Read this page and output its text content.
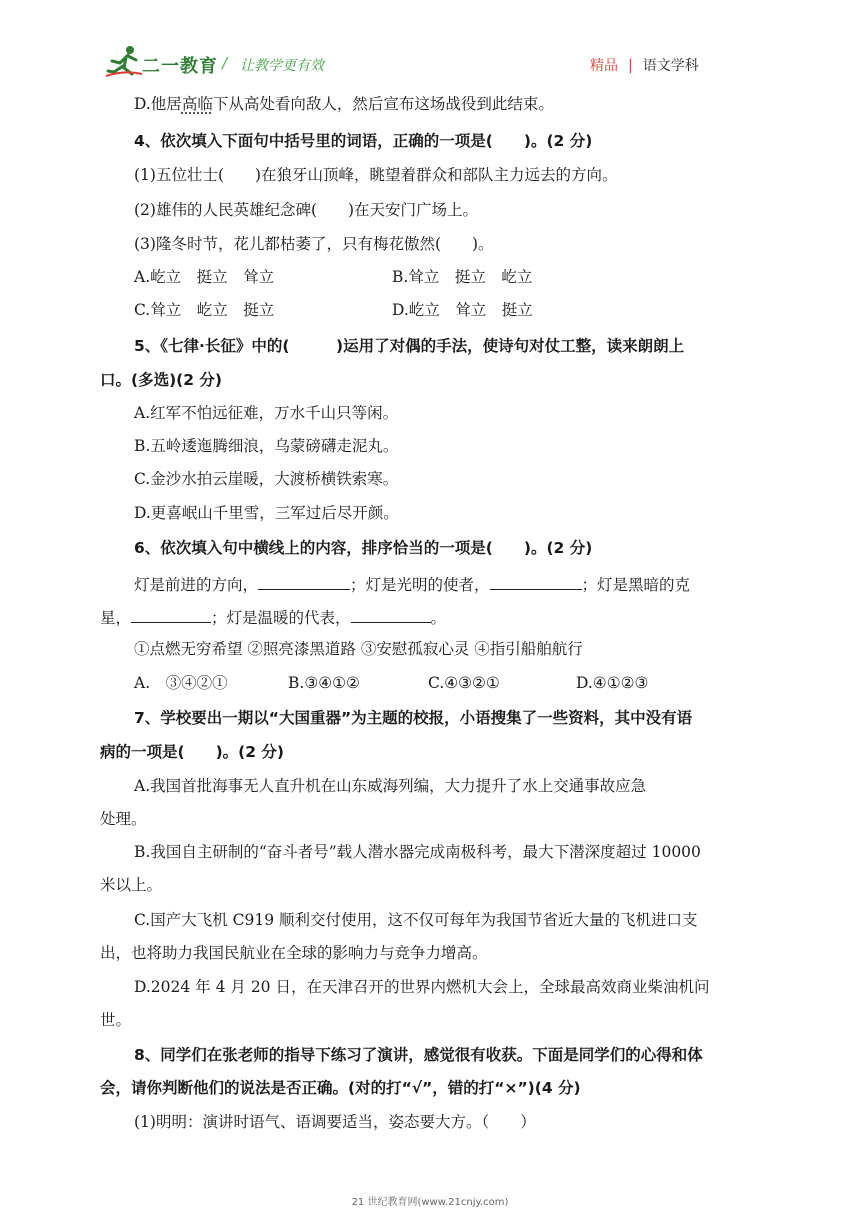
二一教育 / 让教学更有效	精品 | 语文学科
D.他居高临下从高处看向敌人，然后宣布这场战役到此结束。
4、依次填入下面句中括号里的词语，正确的一项是(　　)。(2 分)
(1)五位壮士(　　)在狼牙山顶峰，眺望着群众和部队主力远去的方向。
(2)雄伟的人民英雄纪念碑(　　)在天安门广场上。
(3)隆冬时节，花儿都枯萎了，只有梅花傲然(　　)。
A.屹立　挺立　耸立	B.耸立　挺立　屹立
C.耸立　屹立　挺立	D.屹立　耸立　挺立
5、《七律·长征》中的(　　　)运用了对偶的手法，使诗句对仗工整，读来朗朗上
口。(多选)(2 分)
A.红军不怕远征难，万水千山只等闲。
B.五岭逶迤腾细浪，乌蒙磅礴走泥丸。
C.金沙水拍云崖暖，大渡桥横铁索寒。
D.更喜岷山千里雪，三军过后尽开颜。
6、依次填入句中横线上的内容，排序恰当的一项是(　　)。(2 分)
灯是前进的方向，	；灯是光明的使者，	；灯是黑暗的克
星，	；灯是温暖的代表，	。
①点燃无穷希望 ②照亮漆黑道路 ③安慰孤寂心灵 ④指引船舶航行
A.　③④②①	B.③④①②	C.④③②①	D.④①②③
7、学校要出一期以“大国重器”为主题的校报，小语搜集了一些资料，其中没有语
病的一项是(　　)。(2 分)
A.我国首批海事无人直升机在山东威海列编，大力提升了水上交通事故应急
处理。
B.我国自主研制的“奋斗者号”载人潜水器完成南极科考，最大下潜深度超过 10000
米以上。
C.国产大飞机 C919 顺利交付使用，这不仅可每年为我国节省近大量的飞机进口支
出，也将助力我国民航业在全球的影响力与竞争力增高。
D.2024 年 4 月 20 日，在天津召开的世界内燃机大会上，全球最高效商业柴油机问
世。
8、同学们在张老师的指导下练习了演讲，感觉很有收获。下面是同学们的心得和体
会，请你判断他们的说法是否正确。(对的打“√”，错的打“×”)(4 分)
(1)明明：演讲时语气、语调要适当，姿态要大方。（　　）
21 世纪教育网(www.21cnjy.com)
